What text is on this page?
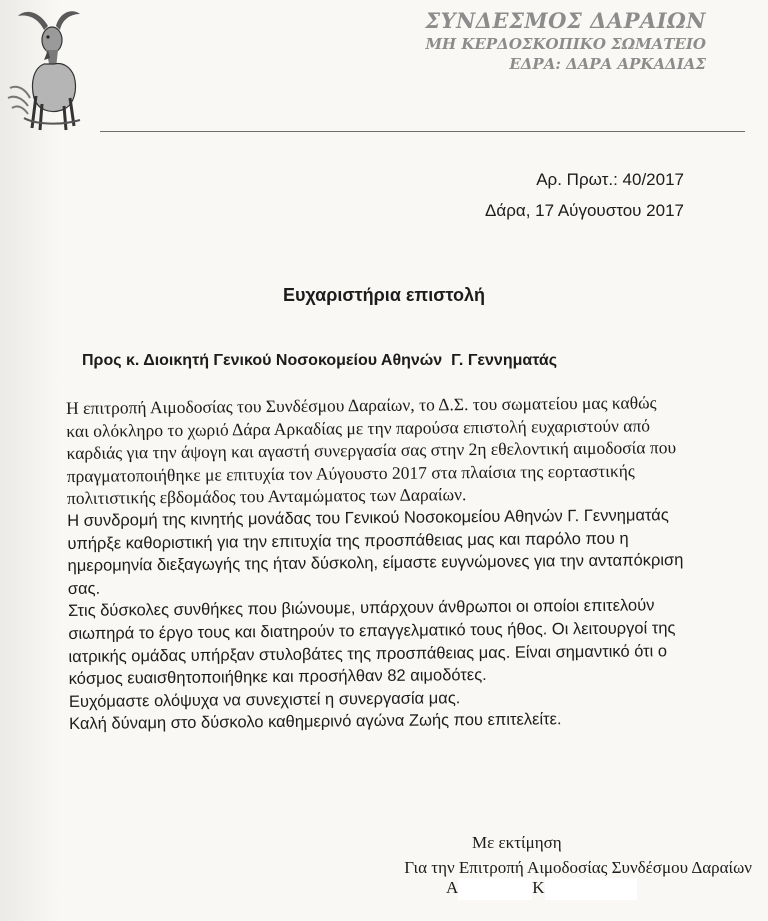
ΣΥΝΔΕΣΜΟΣ ΔΑΡΑΙΩΝ
ΜΗ ΚΕΡΔΟΣΚΟΠΙΚΟ ΣΩΜΑΤΕΙΟ
ΕΔΡΑ: ΔΑΡΑ ΑΡΚΑΔΙΑΣ
Αρ. Πρωτ.: 40/2017
Δάρα, 17 Αύγουστου 2017
Ευχαριστήρια επιστολή
Προς κ. Διοικητή Γενικού Νοσοκομείου Αθηνών  Γ. Γεννηματάς
Η επιτροπή Αιμοδοσίας του Συνδέσμου Δαραίων, το Δ.Σ. του σωματείου μας καθώς
και ολόκληρο το χωριό Δάρα Αρκαδίας με την παρούσα επιστολή ευχαριστούν από
καρδιάς για την άψογη και αγαστή συνεργασία σας στην 2η εθελοντική αιμοδοσία που
πραγματοποιήθηκε με επιτυχία τον Αύγουστο 2017 στα πλαίσια της εορταστικής
πολιτιστικής εβδομάδος του Ανταμώματος των Δαραίων.
Η συνδρομή της κινητής μονάδας του Γενικού Νοσοκομείου Αθηνών Γ. Γεννηματάς
υπήρξε καθοριστική για την επιτυχία της προσπάθειας μας και παρόλο που η
ημερομηνία διεξαγωγής της ήταν δύσκολη, είμαστε ευγνώμονες για την ανταπόκριση
σας.
Στις δύσκολες συνθήκες που βιώνουμε, υπάρχουν άνθρωποι οι οποίοι επιτελούν
σιωπηρά το έργο τους και διατηρούν το επαγγελματικό τους ήθος. Οι λειτουργοί της
ιατρικής ομάδας υπήρξαν στυλοβάτες της προσπάθειας μας. Είναι σημαντικό ότι ο
κόσμος ευαισθητοποιήθηκε και προσήλθαν 82 αιμοδότες.
Ευχόμαστε ολόψυχα να συνεχιστεί η συνεργασία μας.
Καλή δύναμη στο δύσκολο καθημερινό αγώνα Ζωής που επιτελείτε.
Με εκτίμηση
Για την Επιτροπή Αιμοδοσίας Συνδέσμου Δαραίων
Α	Κ
